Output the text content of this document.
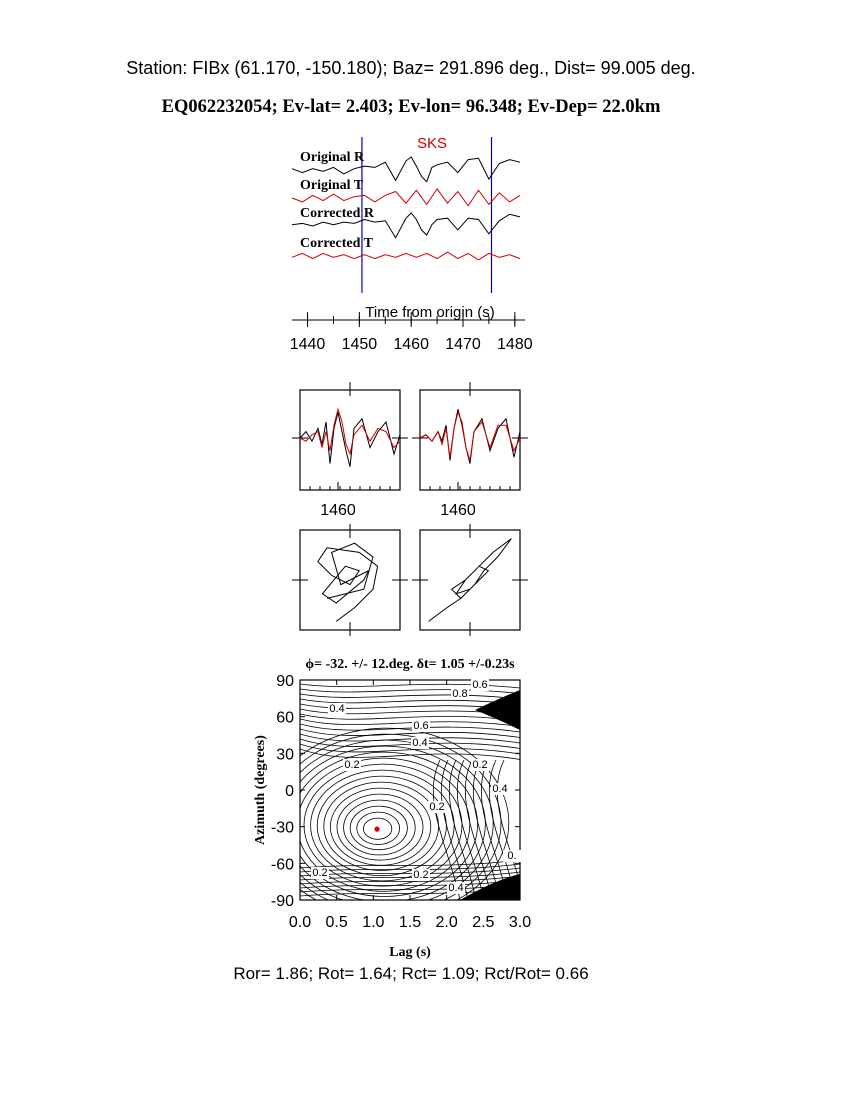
Station: FIBx (61.170, -150.180); Baz= 291.896 deg., Dist= 99.005 deg.
EQ062232054; Ev-lat= 2.403; Ev-lon= 96.348; Ev-Dep= 22.0km
SKS
Original R
Original T
Corrected R
Corrected T
Time from origin (s)
1440 1450 1460 1470 1480
1460	1460
ϕ= -32. +/- 12.deg. δt= 1.05 +/-0.23s
0.0 0.5 1.0 1.5 2.0 2.5 3.0
90
60
30
0
-30
-60
-90
0.6
0.8
0.4
0.6
0.4
0.2	0.2
0.4
0.2
0.2	0.2
0.4
0.
Lag (s)
Azimuth (degrees)
Ror= 1.86; Rot= 1.64; Rct= 1.09; Rct/Rot= 0.66
